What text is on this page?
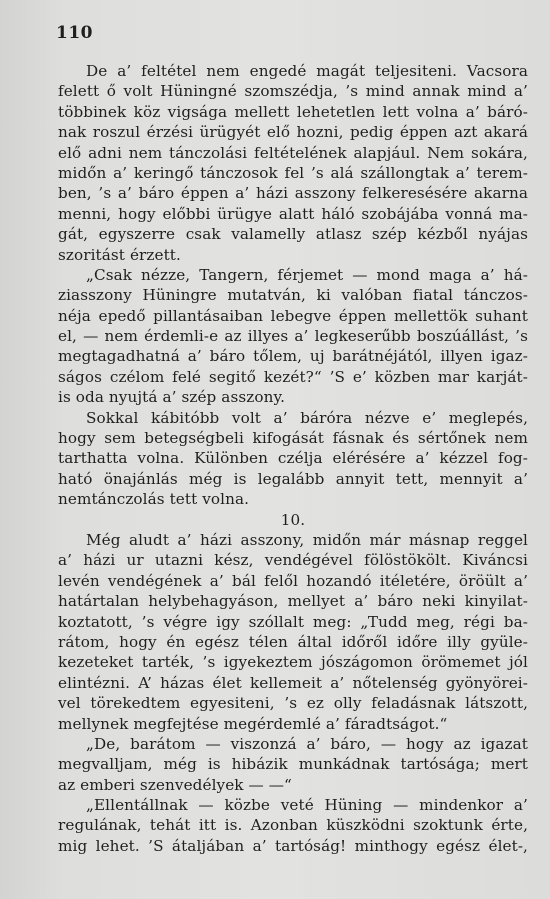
110
De a’ feltétel nem engedé magát teljesiteni. Vacsora
felett ő volt Hüningné szomszédja, ’s mind annak mind a’
többinek köz vigsága mellett lehetetlen lett volna a’ báró-
nak roszul érzési ürügyét elő hozni, pedig éppen azt akará
elő adni nem tánczolási feltételének alapjául. Nem sokára,
midőn a’ keringő tánczosok fel ’s alá szállongtak a’ terem-
ben, ’s a’ báro éppen a’ házi asszony felkeresésére akarna
menni, hogy előbbi ürügye alatt háló szobájába vonná ma-
gát, egyszerre csak valamelly atlasz szép kézből nyájas
szoritást érzett.
„Csak nézze, Tangern, férjemet — mond maga a’ há-
ziasszony Hüningre mutatván, ki valóban fiatal tánczos-
néja epedő pillantásaiban lebegve éppen mellettök suhant
el, — nem érdemli-e az illyes a’ legkeserűbb boszúállást, ’s
megtagadhatná a’ báro tőlem, uj barátnéjától, illyen igaz-
ságos czélom felé segitő kezét?“ ’S e’ közben mar karját-
is oda nyujtá a’ szép asszony.
Sokkal kábitóbb volt a’ báróra nézve e’ meglepés,
hogy sem betegségbeli kifogását fásnak és sértőnek nem
tarthatta volna. Különben czélja elérésére a’ kézzel fog-
ható önajánlás még is legalább annyit tett, mennyit a’
nemtánczolás tett volna.
10.
Még aludt a’ házi asszony, midőn már másnap reggel
a’ házi ur utazni kész, vendégével fölöstökölt. Kiváncsi
levén vendégének a’ bál felől hozandó itéletére, öröült a’
határtalan helybehagyáson, mellyet a’ báro neki kinyilat-
koztatott, ’s végre igy szóllalt meg: „Tudd meg, régi ba-
rátom, hogy én egész télen által időről időre illy gyüle-
kezeteket tarték, ’s igyekeztem jószágomon örömemet jól
elintézni. A’ házas élet kellemeit a’ nőtelenség gyönyörei-
vel törekedtem egyesiteni, ’s ez olly feladásnak látszott,
mellynek megfejtése megérdemlé a’ fáradtságot.“
„De, barátom — viszonzá a’ báro, — hogy az igazat
megvalljam, még is hibázik munkádnak tartósága; mert
az emberi szenvedélyek — —“
„Ellentállnak — közbe veté Hüning — mindenkor a’
regulának, tehát itt is. Azonban küszködni szoktunk érte,
mig lehet. ’S átaljában a’ tartóság! minthogy egész élet-,
